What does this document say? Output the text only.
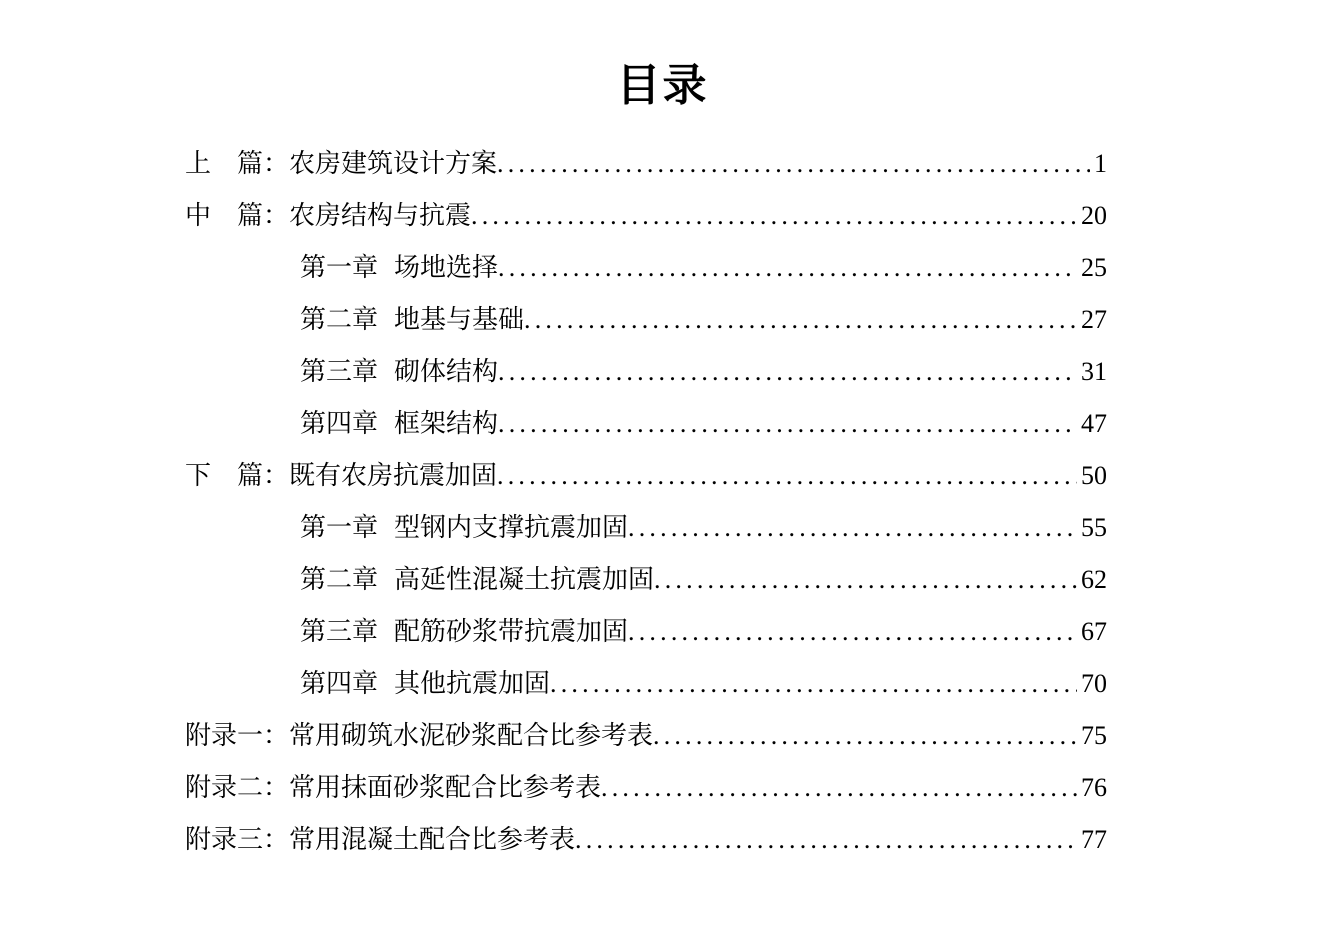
目录
上　篇： 农房建筑设计方案 .....	1
中　篇： 农房结构与抗震 .....	20
第一章 场地选择 .....	25
第二章 地基与基础 .....	27
第三章 砌体结构 .....	31
第四章 框架结构 .....	47
下　篇： 既有农房抗震加固 .....	50
第一章 型钢内支撑抗震加固 .....	55
第二章 高延性混凝土抗震加固 .....	62
第三章 配筋砂浆带抗震加固 .....	67
第四章 其他抗震加固 .....	70
附录一： 常用砌筑水泥砂浆配合比参考表 .....	75
附录二： 常用抹面砂浆配合比参考表 .....	76
附录三： 常用混凝土配合比参考表 .....	77
